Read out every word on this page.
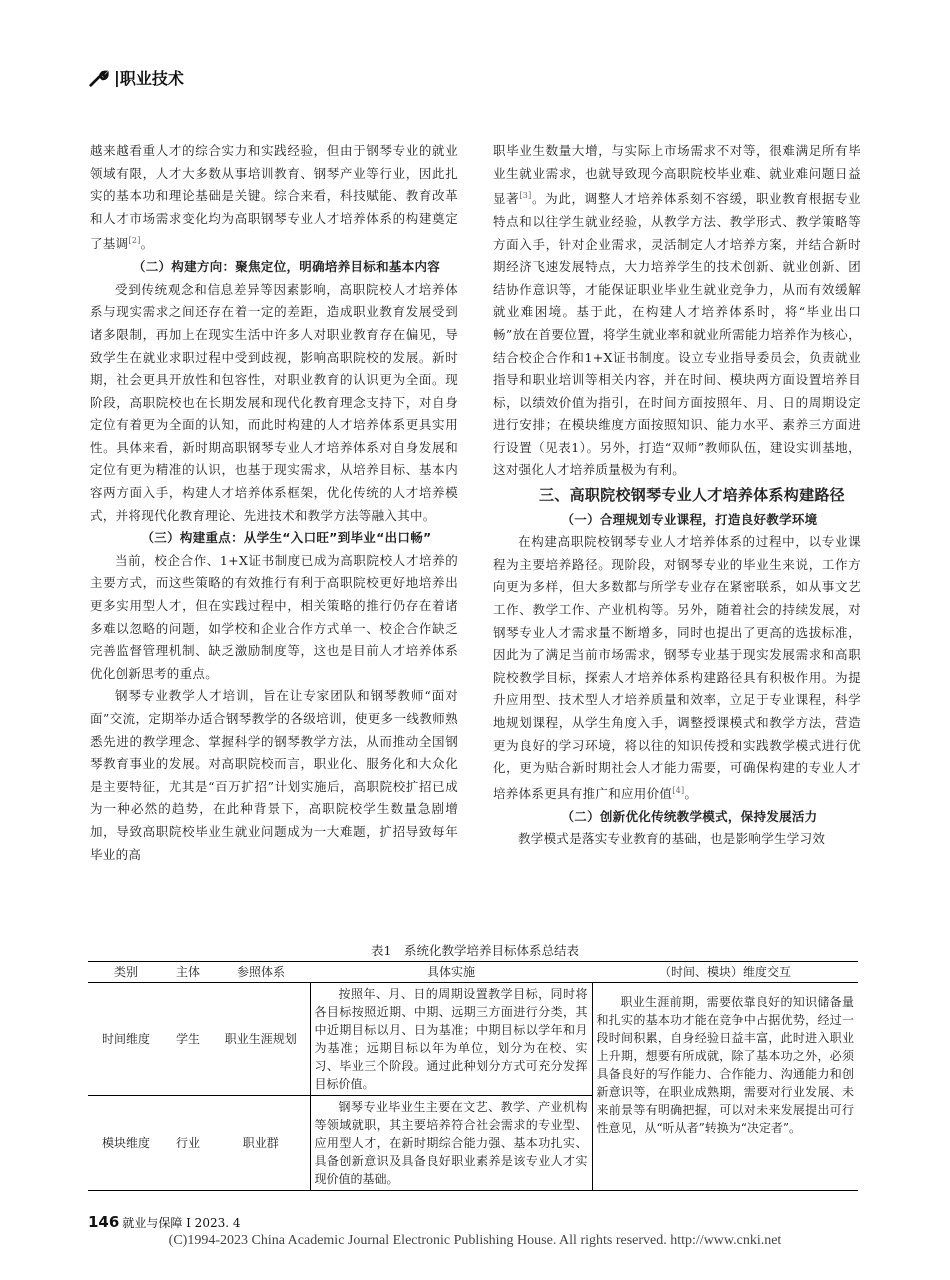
| 职业技术

越来越看重人才的综合实力和实践经验，但由于钢琴专业的就业领域有限，人才大多数从事培训教育、钢琴产业等行业，因此扎实的基本功和理论基础是关键。综合来看，科技赋能、教育改革和人才市场需求变化均为高职钢琴专业人才培养体系的构建奠定了基调[2]。

（二）构建方向：聚焦定位，明确培养目标和基本内容

受到传统观念和信息差异等因素影响，高职院校人才培养体系与现实需求之间还存在着一定的差距，造成职业教育发展受到诸多限制，再加上在现实生活中许多人对职业教育存在偏见，导致学生在就业求职过程中受到歧视，影响高职院校的发展。新时期，社会更具开放性和包容性，对职业教育的认识更为全面。现阶段，高职院校也在长期发展和现代化教育理念支持下，对自身定位有着更为全面的认知，而此时构建的人才培养体系更具实用性。具体来看，新时期高职钢琴专业人才培养体系对自身发展和定位有更为精准的认识，也基于现实需求，从培养目标、基本内容两方面入手，构建人才培养体系框架，优化传统的人才培养模式，并将现代化教育理论、先进技术和教学方法等融入其中。

（三）构建重点：从学生“入口旺”到毕业“出口畅”

当前，校企合作、1+X证书制度已成为高职院校人才培养的主要方式，而这些策略的有效推行有利于高职院校更好地培养出更多实用型人才，但在实践过程中，相关策略的推行仍存在着诸多难以忽略的问题，如学校和企业合作方式单一、校企合作缺乏完善监督管理机制、缺乏激励制度等，这也是目前人才培养体系优化创新思考的重点。

钢琴专业教学人才培训，旨在让专家团队和钢琴教师“面对面”交流，定期举办适合钢琴教学的各级培训，使更多一线教师熟悉先进的教学理念、掌握科学的钢琴教学方法，从而推动全国钢琴教育事业的发展。对高职院校而言，职业化、服务化和大众化是主要特征，尤其是“百万扩招”计划实施后，高职院校扩招已成为一种必然的趋势，在此种背景下，高职院校学生数量急剧增加，导致高职院校毕业生就业问题成为一大难题，扩招导致每年毕业的高

职毕业生数量大增，与实际上市场需求不对等，很难满足所有毕业生就业需求，也就导致现今高职院校毕业难、就业难问题日益显著[3]。为此，调整人才培养体系刻不容缓，职业教育根据专业特点和以往学生就业经验，从教学方法、教学形式、教学策略等方面入手，针对企业需求，灵活制定人才培养方案，并结合新时期经济飞速发展特点，大力培养学生的技术创新、就业创新、团结协作意识等，才能保证职业毕业生就业竞争力，从而有效缓解就业难困境。基于此，在构建人才培养体系时，将“毕业出口畅”放在首要位置，将学生就业率和就业所需能力培养作为核心，结合校企合作和1+X证书制度。设立专业指导委员会，负责就业指导和职业培训等相关内容，并在时间、模块两方面设置培养目标，以绩效价值为指引，在时间方面按照年、月、日的周期设定进行安排；在模块维度方面按照知识、能力水平、素养三方面进行设置（见表1）。另外，打造“双师”教师队伍，建设实训基地，这对强化人才培养质量极为有利。

三、高职院校钢琴专业人才培养体系构建路径

（一）合理规划专业课程，打造良好教学环境

在构建高职院校钢琴专业人才培养体系的过程中，以专业课程为主要培养路径。现阶段，对钢琴专业的毕业生来说，工作方向更为多样，但大多数都与所学专业存在紧密联系，如从事文艺工作、教学工作、产业机构等。另外，随着社会的持续发展，对钢琴专业人才需求量不断增多，同时也提出了更高的选拔标准，因此为了满足当前市场需求，钢琴专业基于现实发展需求和高职院校教学目标，探索人才培养体系构建路径具有积极作用。为提升应用型、技术型人才培养质量和效率，立足于专业课程，科学地规划课程，从学生角度入手，调整授课模式和教学方法，营造更为良好的学习环境，将以往的知识传授和实践教学模式进行优化，更为贴合新时期社会人才能力需要，可确保构建的专业人才培养体系更具有推广和应用价值[4]。

（二）创新优化传统教学模式，保持发展活力

教学模式是落实专业教育的基础，也是影响学生学习效

表1　系统化教学培养目标体系总结表
类别	主体	参照体系	具体实施	（时间、模块）维度交互
时间维度	学生	职业生涯规划	按照年、月、日的周期设置教学目标，同时将各目标按照近期、中期、远期三方面进行分类，其中近期目标以月、日为基准；中期目标以学年和月为基准；远期目标以年为单位，划分为在校、实习、毕业三个阶段。通过此种划分方式可充分发挥目标价值。	职业生涯前期，需要依靠良好的知识储备量和扎实的基本功才能在竞争中占据优势，经过一段时间积累，自身经验日益丰富，此时进入职业上升期，想要有所成就，除了基本功之外，必须具备良好的写作能力、合作能力、沟通能力和创新意识等，在职业成熟期，需要对行业发展、未来前景等有明确把握，可以对未来发展提出可行性意见，从“听从者”转换为“决定者”。
模块维度	行业	职业群	钢琴专业毕业生主要在文艺、教学、产业机构等领域就职，其主要培养符合社会需求的专业型、应用型人才，在新时期综合能力强、基本功扎实、具备创新意识及具备良好职业素养是该专业人才实现价值的基础。	
146 就业与保障 I 2023. 4
(C)1994-2023 China Academic Journal Electronic Publishing House. All rights reserved. http://www.cnki.net
